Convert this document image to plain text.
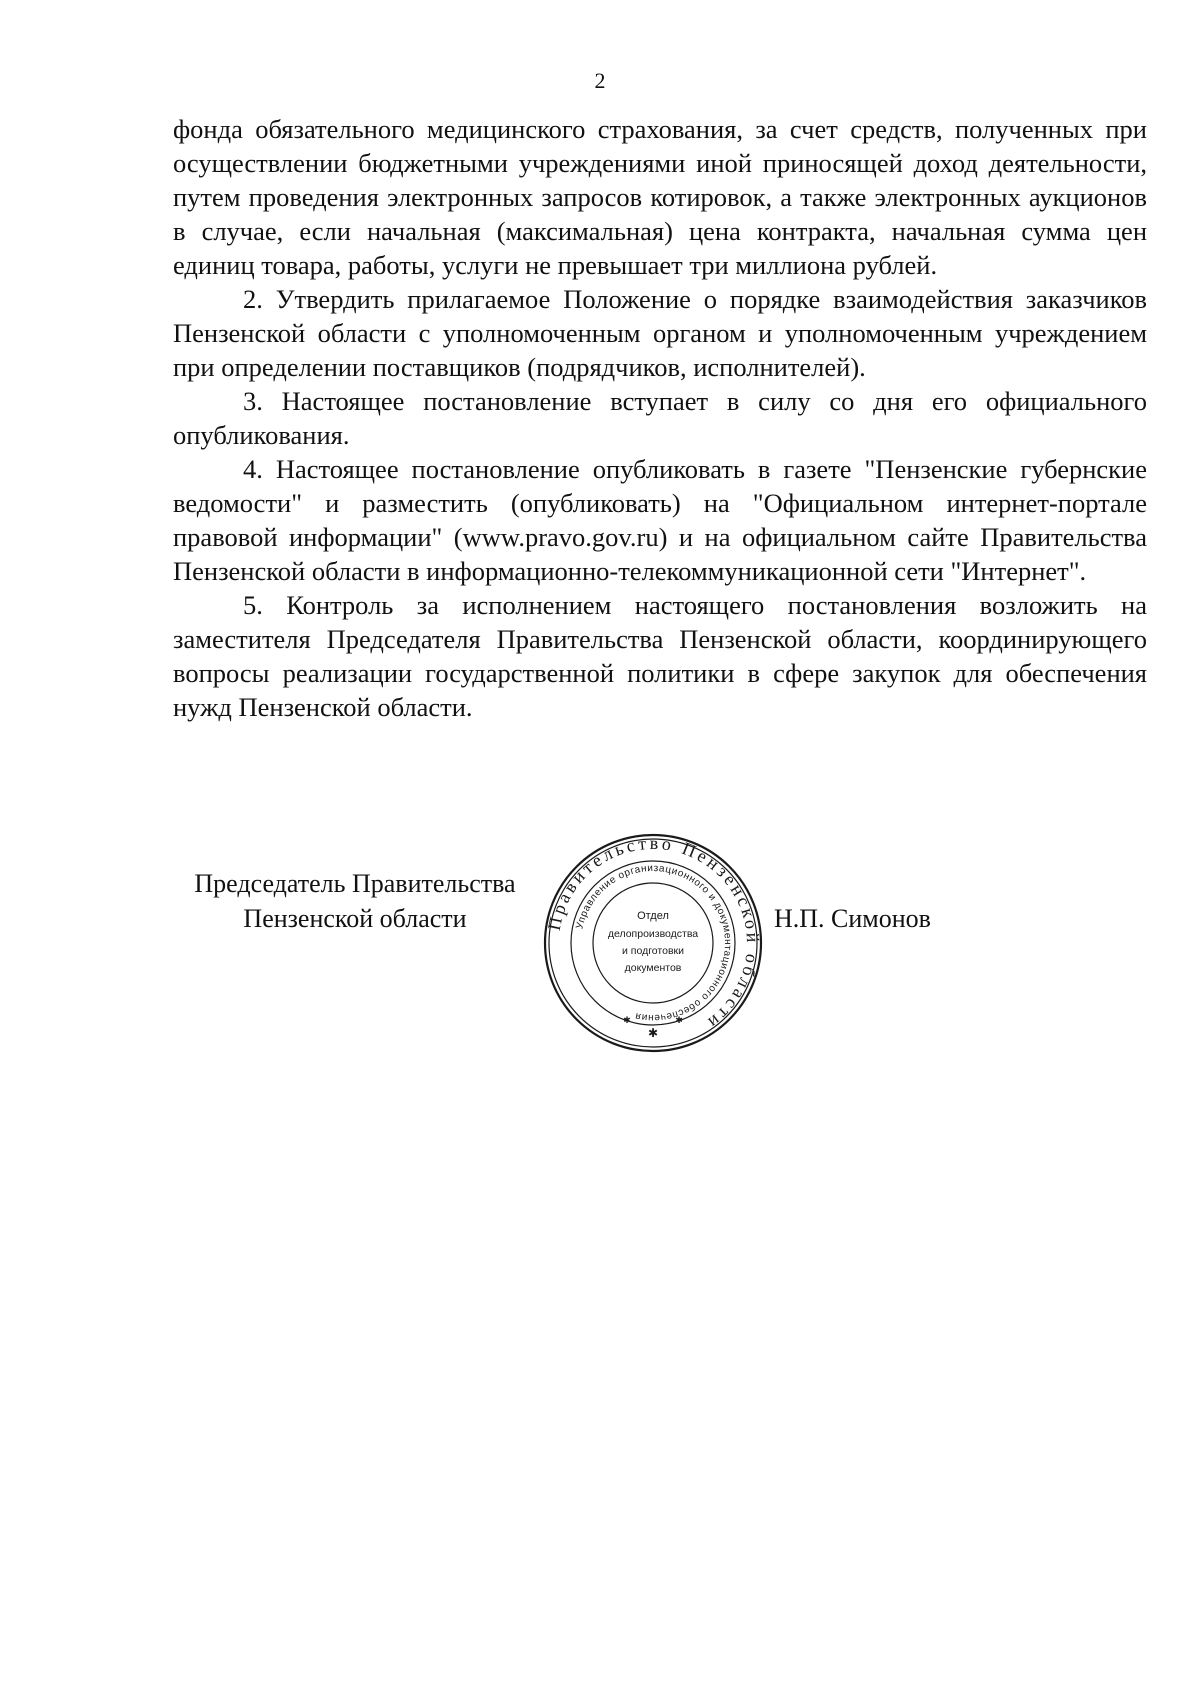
2

фонда обязательного медицинского страхования, за счет средств, полученных при осуществлении бюджетными учреждениями иной приносящей доход деятельности, путем проведения электронных запросов котировок, а также электронных аукционов в случае, если начальная (максимальная) цена контракта, начальная сумма цен единиц товара, работы, услуги не превышает три миллиона рублей.

2. Утвердить прилагаемое Положение о порядке взаимодействия заказчиков Пензенской области с уполномоченным органом и уполномоченным учреждением при определении поставщиков (подрядчиков, исполнителей).

3. Настоящее постановление вступает в силу со дня его официального опубликования.

4. Настоящее постановление опубликовать в газете "Пензенские губернские ведомости" и разместить (опубликовать) на "Официальном интернет-портале правовой информации" (www.pravo.gov.ru) и на официальном сайте Правительства Пензенской области в информационно-телекоммуникационной сети "Интернет".

5. Контроль за исполнением настоящего постановления возложить на заместителя Председателя Правительства Пензенской области, координирующего вопросы реализации государственной политики в сфере закупок для обеспечения нужд Пензенской области.

Председатель Правительства
Пензенской области	Н.П. Симонов
Правительство Пензенской области
Управление организационного и документационного обеспечения
Отдел
делопроизводства
и подготовки
документов
✱
✱	✱
